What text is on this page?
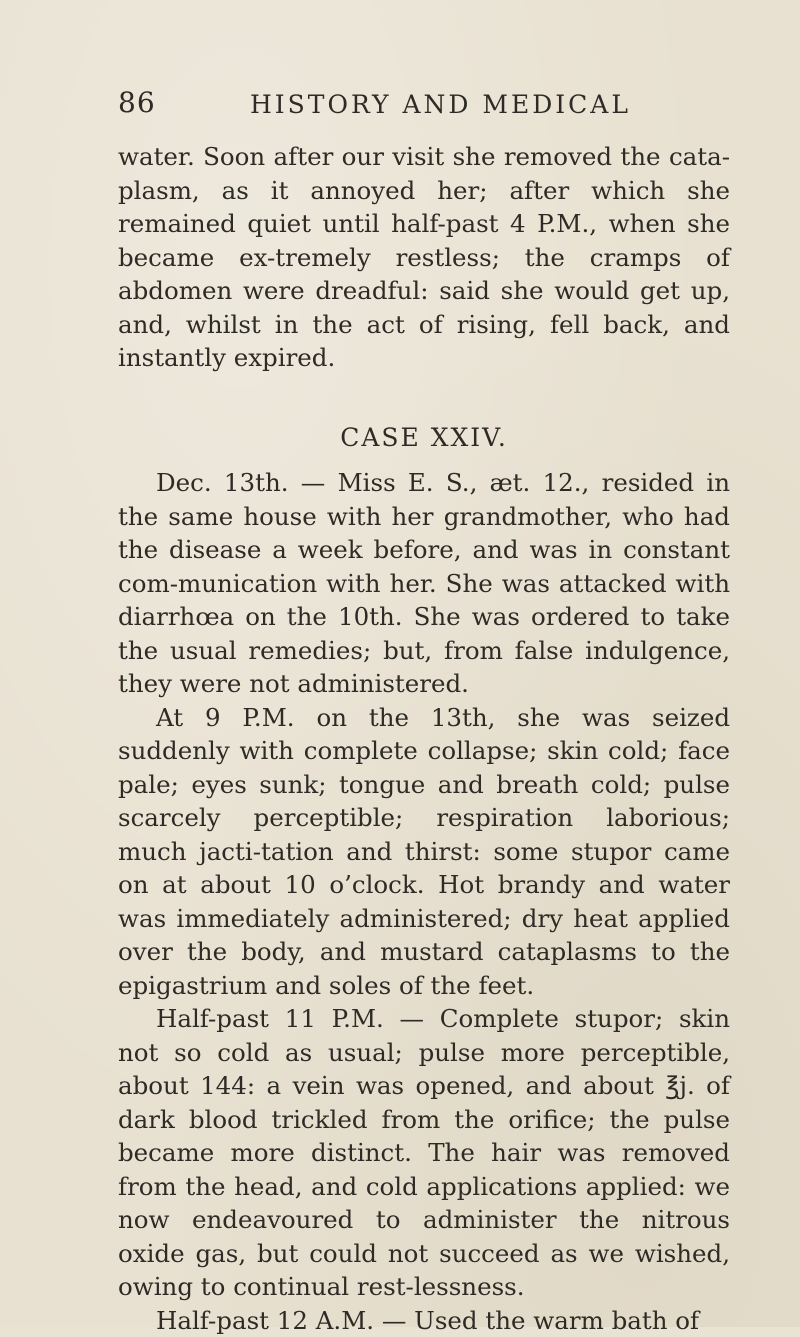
86	HISTORY AND MEDICAL

water. Soon after our visit she removed the cata-plasm, as it annoyed her; after which she remained quiet until half-past 4 P.M., when she became ex-tremely restless; the cramps of abdomen were dreadful: said she would get up, and, whilst in the act of rising, fell back, and instantly expired.

CASE XXIV.

Dec. 13th. — Miss E. S., æt. 12., resided in the same house with her grandmother, who had the disease a week before, and was in constant com-munication with her. She was attacked with diarrhœa on the 10th. She was ordered to take the usual remedies; but, from false indulgence, they were not administered.

At 9 P.M. on the 13th, she was seized suddenly with complete collapse; skin cold; face pale; eyes sunk; tongue and breath cold; pulse scarcely perceptible; respiration laborious; much jacti-tation and thirst: some stupor came on at about 10 o’clock. Hot brandy and water was immediately administered; dry heat applied over the body, and mustard cataplasms to the epigastrium and soles of the feet.

Half-past 11 P.M. — Complete stupor; skin not so cold as usual; pulse more perceptible, about 144: a vein was opened, and about ℥j. of dark blood trickled from the orifice; the pulse became more distinct. The hair was removed from the head, and cold applications applied: we now endeavoured to administer the nitrous oxide gas, but could not succeed as we wished, owing to continual rest-lessness.

Half-past 12 A.M. — Used the warm bath of
